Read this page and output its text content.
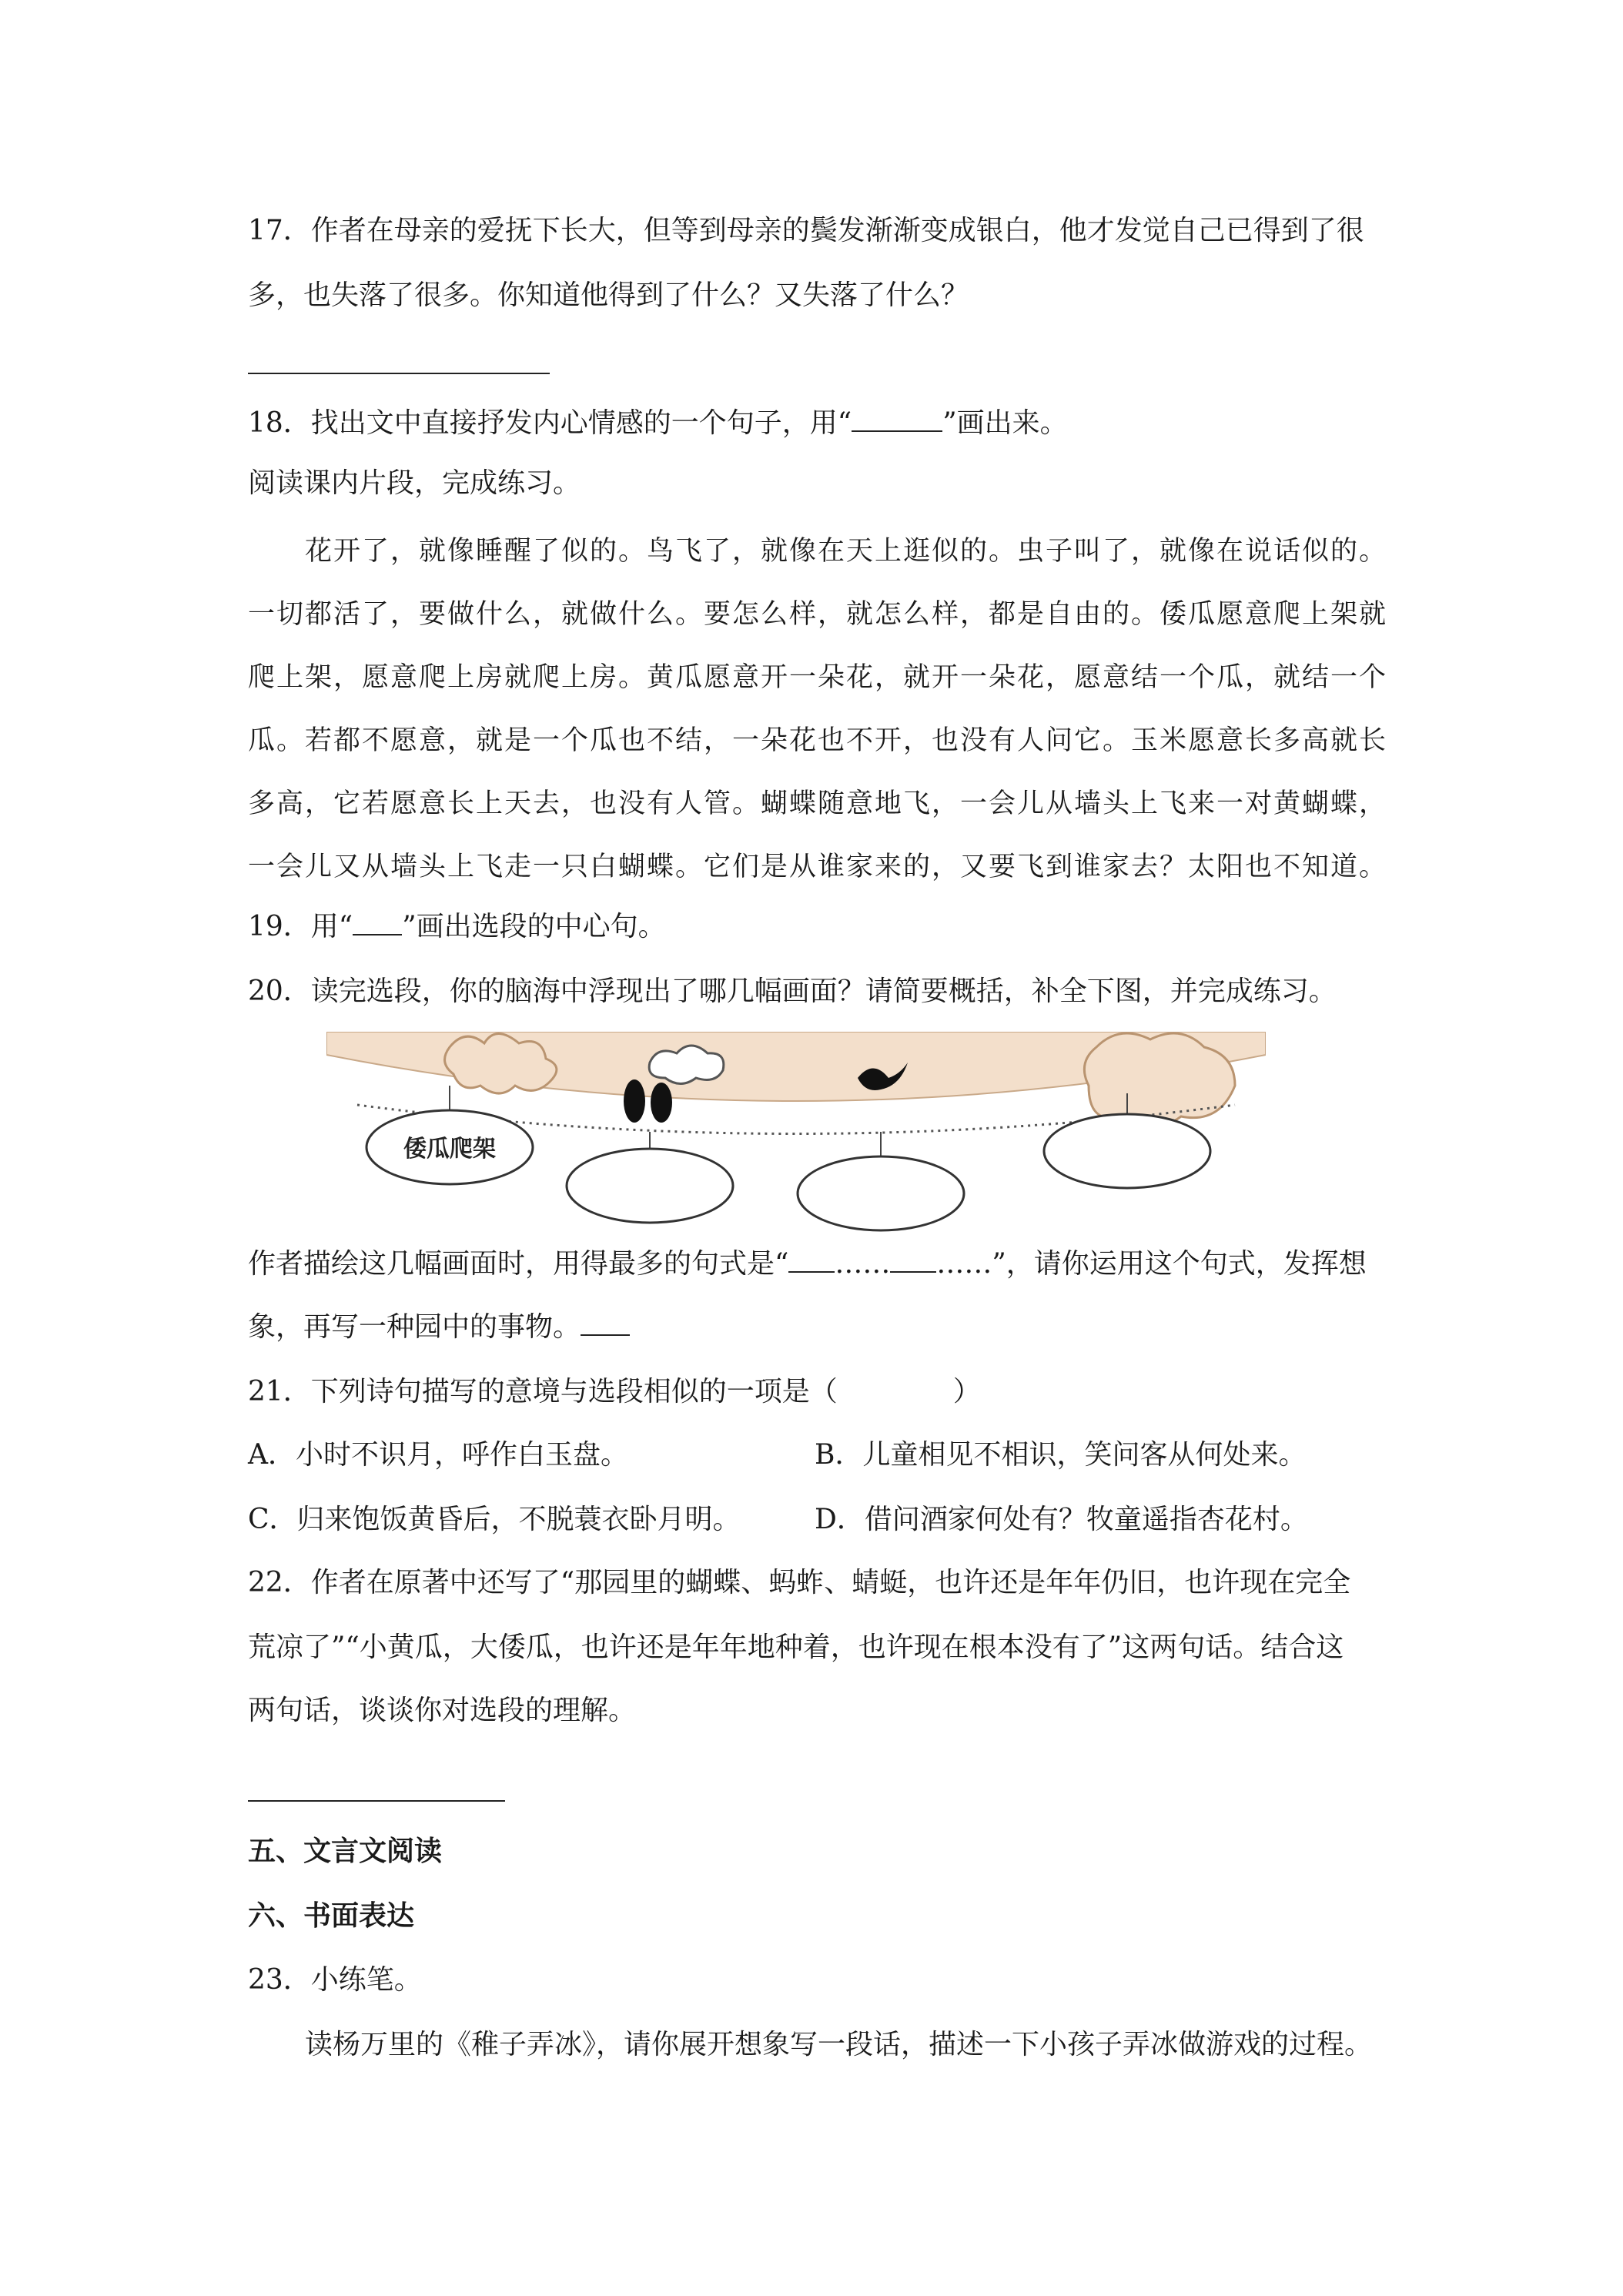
17．作者在母亲的爱抚下长大，但等到母亲的鬓发渐渐变成银白，他才发觉自己已得到了很
多，也失落了很多。你知道他得到了什么？又失落了什么？
18．找出文中直接抒发内心情感的一个句子，用“	”画出来。
阅读课内片段，完成练习。
花开了，就像睡醒了似的。鸟飞了，就像在天上逛似的。虫子叫了，就像在说话似的。
一切都活了，要做什么，就做什么。要怎么样，就怎么样，都是自由的。倭瓜愿意爬上架就
爬上架，愿意爬上房就爬上房。黄瓜愿意开一朵花，就开一朵花，愿意结一个瓜，就结一个
瓜。若都不愿意，就是一个瓜也不结，一朵花也不开，也没有人问它。玉米愿意长多高就长
多高，它若愿意长上天去，也没有人管。蝴蝶随意地飞，一会儿从墙头上飞来一对黄蝴蝶，
一会儿又从墙头上飞走一只白蝴蝶。它们是从谁家来的，又要飞到谁家去？太阳也不知道。
19．用“ ”画出选段的中心句。
20．读完选段，你的脑海中浮现出了哪几幅画面？请简要概括，补全下图，并完成练习。
倭瓜爬架
作者描绘这几幅画面时，用得最多的句式是“ …… ……”，请你运用这个句式，发挥想
象，再写一种园中的事物。
21．下列诗句描写的意境与选段相似的一项是（	）
A．小时不识月，呼作白玉盘。	B．儿童相见不相识，笑问客从何处来。
C．归来饱饭黄昏后，不脱蓑衣卧月明。	D．借问酒家何处有？牧童遥指杏花村。
22．作者在原著中还写了“那园里的蝴蝶、蚂蚱、蜻蜓，也许还是年年仍旧，也许现在完全
荒凉了”“小黄瓜，大倭瓜，也许还是年年地种着，也许现在根本没有了”这两句话。结合这
两句话，谈谈你对选段的理解。
五、文言文阅读
六、书面表达
23．小练笔。
读杨万里的《稚子弄冰》，请你展开想象写一段话，描述一下小孩子弄冰做游戏的过程。
